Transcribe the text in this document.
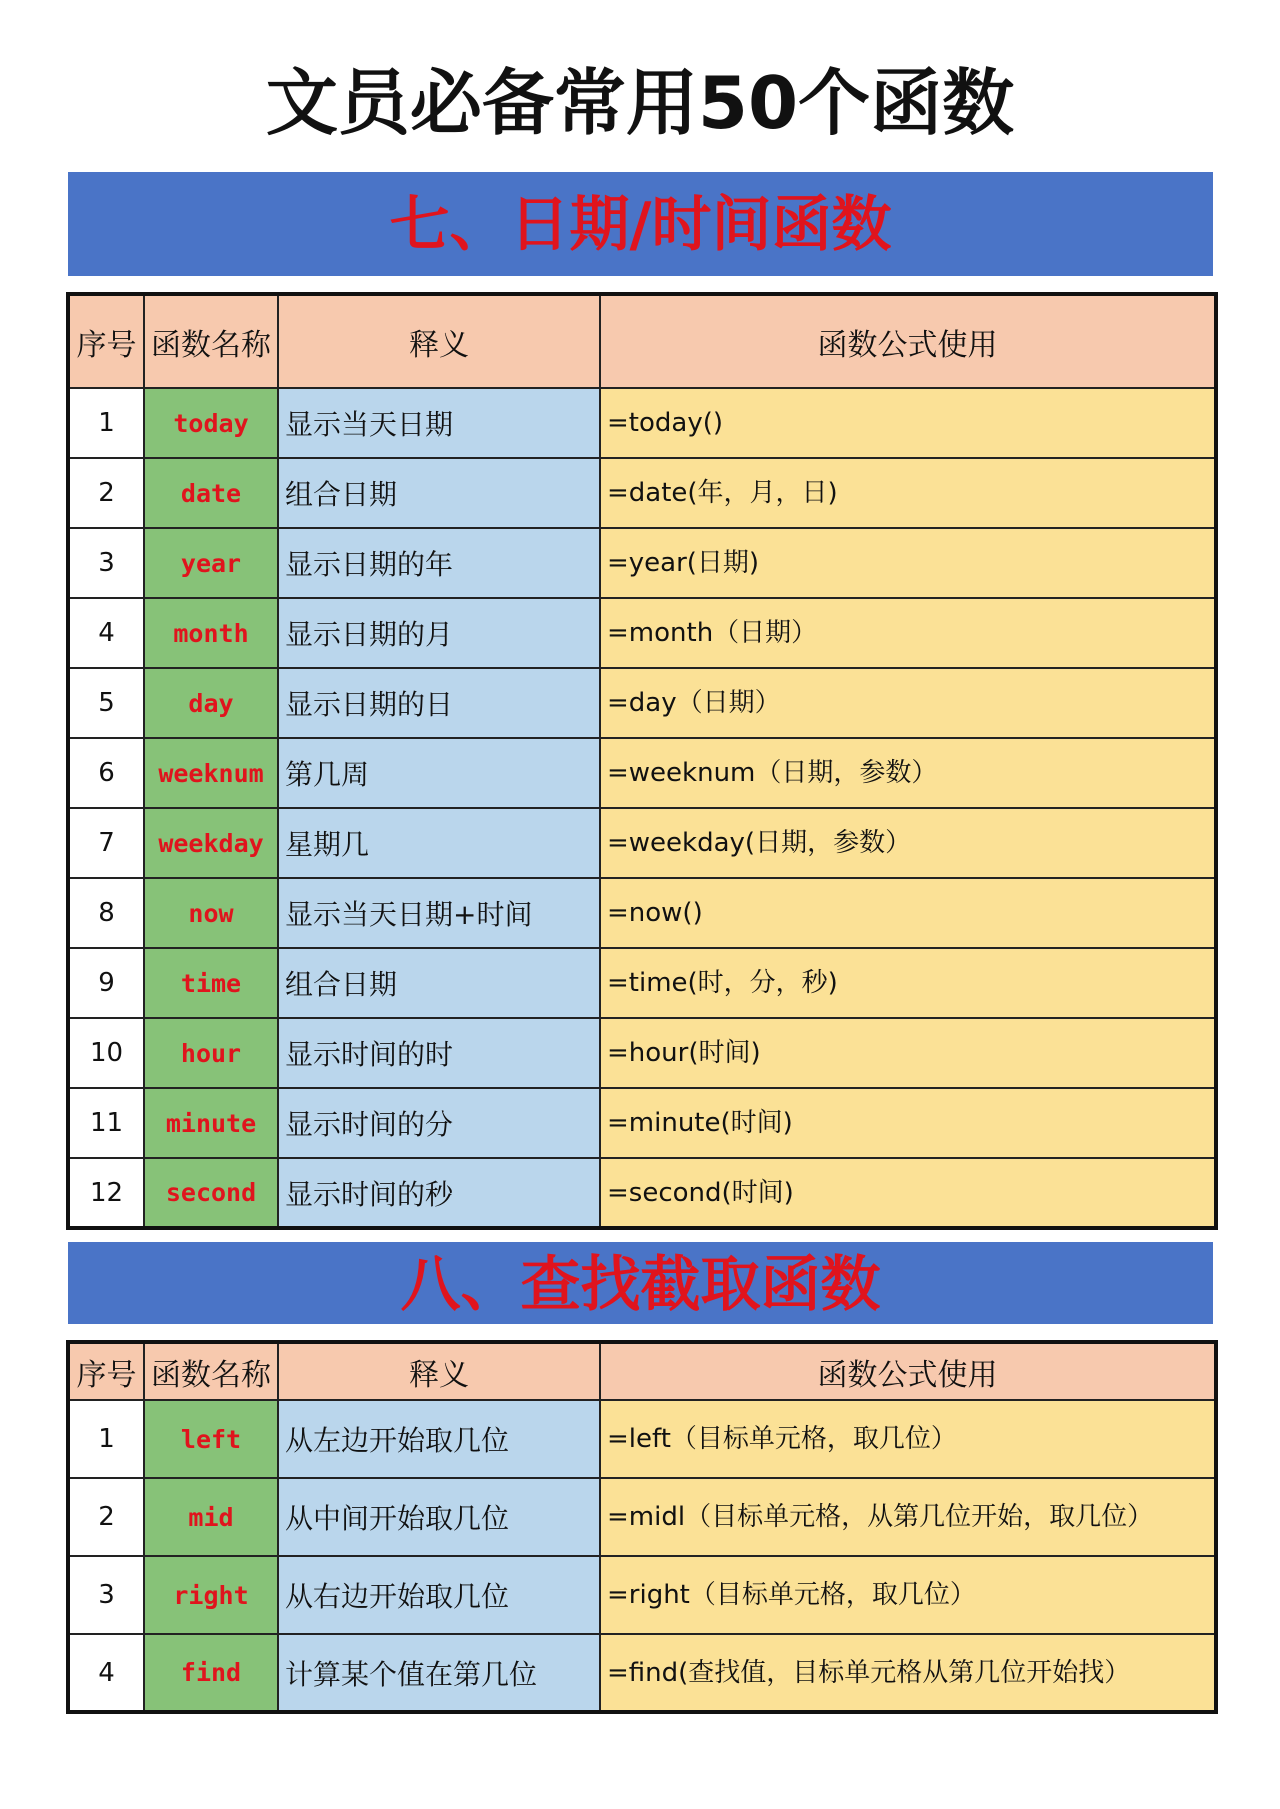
文员必备常用50个函数
七、日期/时间函数
序号	函数名称	释义	函数公式使用
1	today	显示当天日期	=today()
2	date	组合日期	=date(年，月，日)
3	year	显示日期的年	=year(日期)
4	month	显示日期的月	=month（日期）
5	day	显示日期的日	=day（日期）
6	weeknum	第几周	=weeknum（日期，参数）
7	weekday	星期几	=weekday(日期，参数）
8	now	显示当天日期+时间	=now()
9	time	组合日期	=time(时，分，秒)
10	hour	显示时间的时	=hour(时间)
11	minute	显示时间的分	=minute(时间)
12	second	显示时间的秒	=second(时间)
八、查找截取函数
序号	函数名称	释义	函数公式使用
1	left	从左边开始取几位	=left（目标单元格，取几位）
2	mid	从中间开始取几位	=midl（目标单元格，从第几位开始，取几位）
3	right	从右边开始取几位	=right（目标单元格，取几位）
4	find	计算某个值在第几位	=find(查找值，目标单元格从第几位开始找）
